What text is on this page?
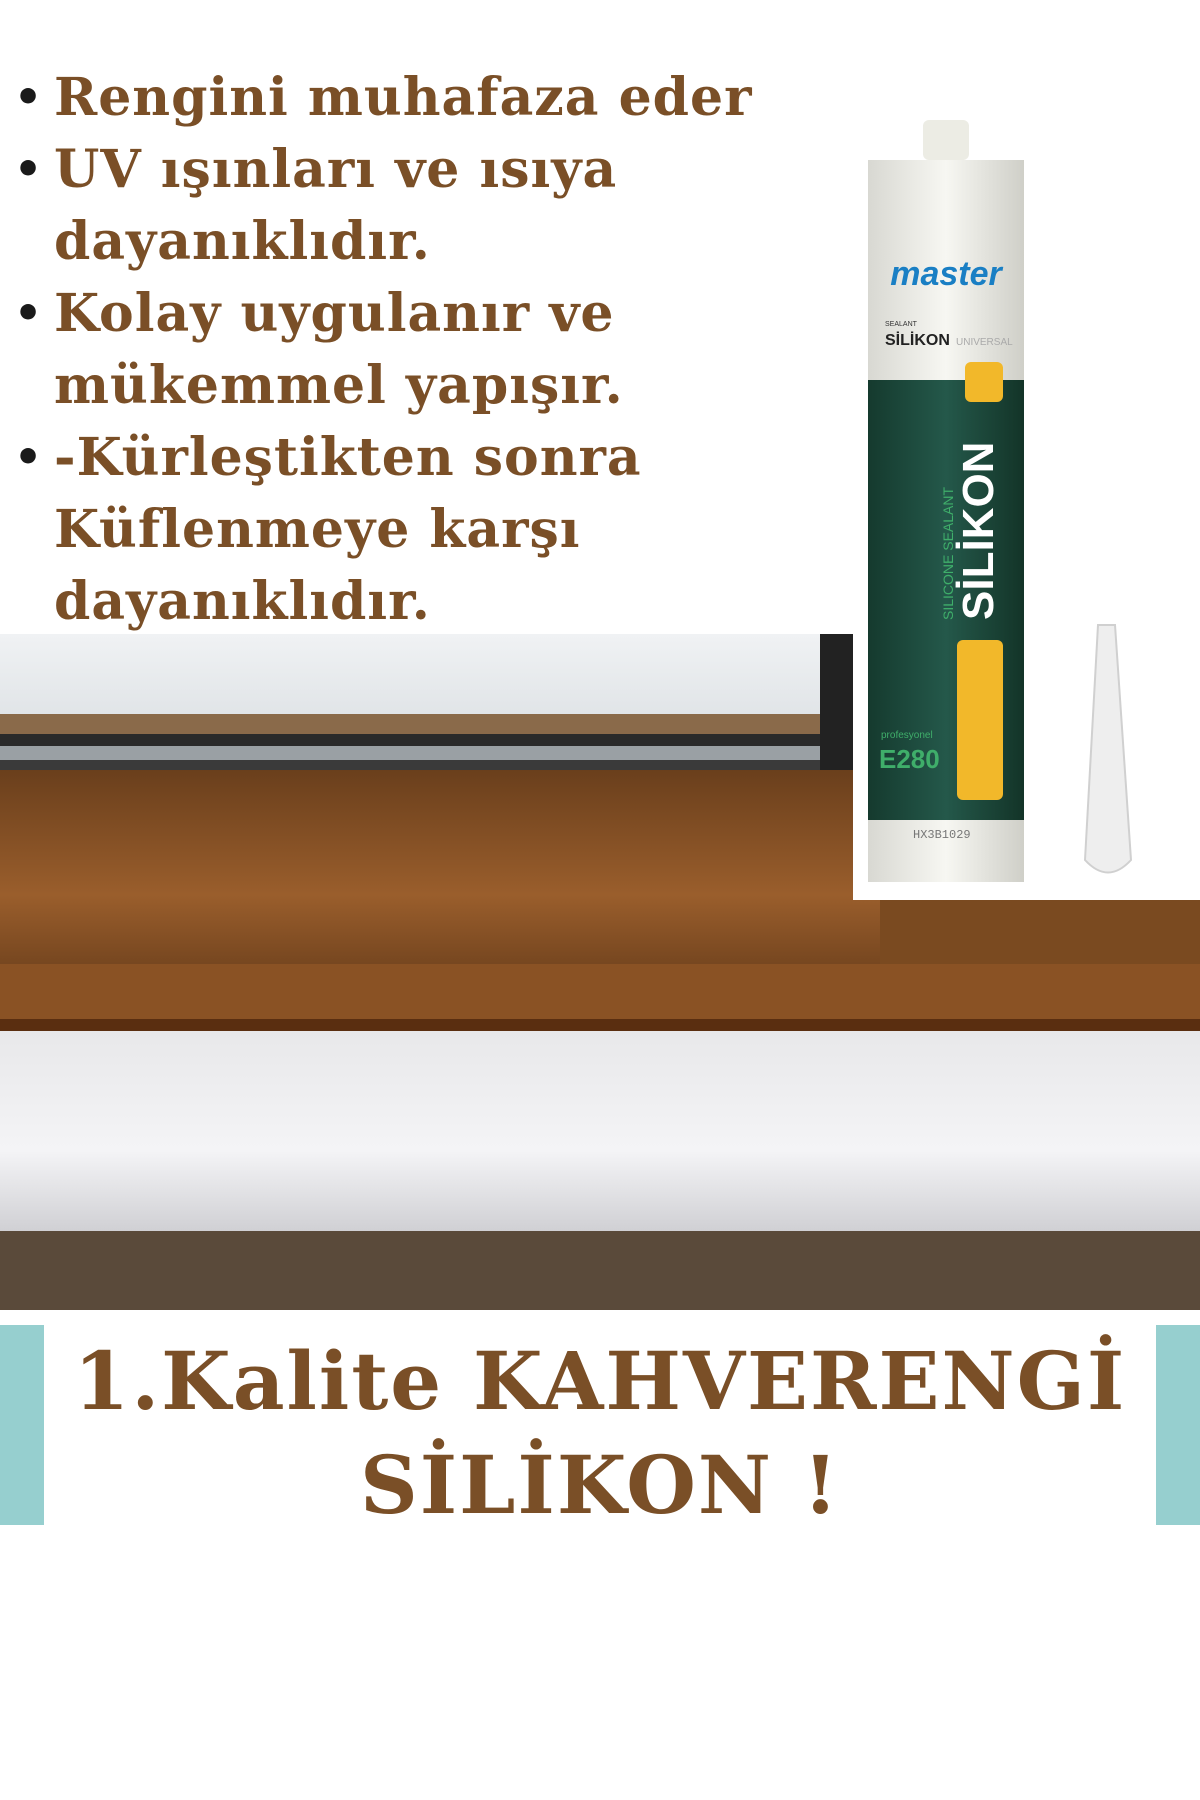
• Rengini muhafaza eder
• UV ışınları ve ısıya dayanıklıdır.
• Kolay uygulanır ve mükemmel yapışır.
• -Kürleştikten sonra Küflenmeye karşı dayanıklıdır.
master
SEALANT
SİLİKON UNIVERSAL
SİLİKON
SILICONE SEALANT
profesyonel
E280
HX3B1029
1.Kalite KAHVERENGİ
SİLİKON !
